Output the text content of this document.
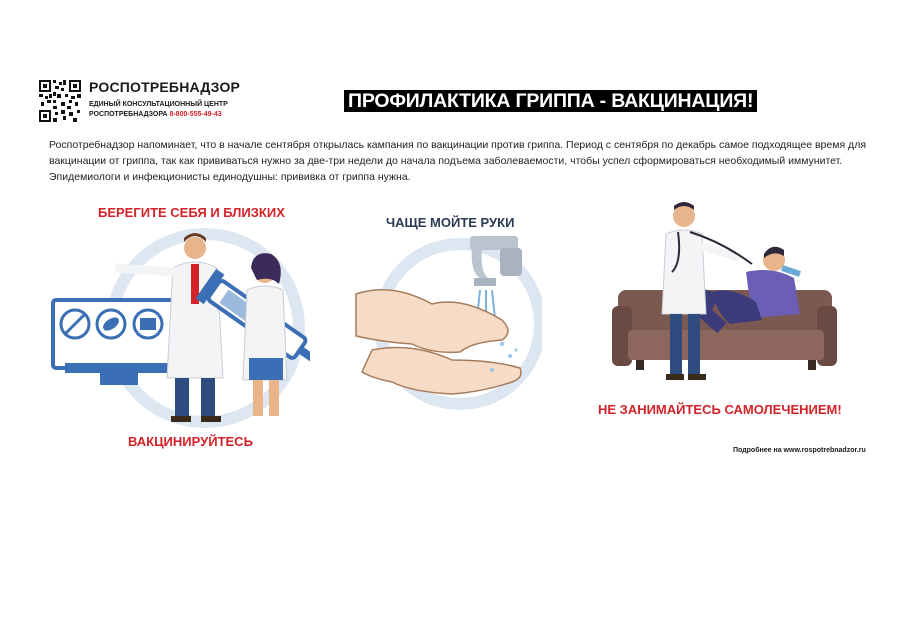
РОСПОТРЕБНАДЗОР
ЕДИНЫЙ КОНСУЛЬТАЦИОННЫЙ ЦЕНТР
РОСПОТРЕБНАДЗОРА 8-800-555-49-43
ПРОФИЛАКТИКА ГРИППА - ВАКЦИНАЦИЯ!
Роспотребнадзор напоминает, что в начале сентября открылась кампания по вакцинации против гриппа. Период с сентября по декабрь самое подходящее время для вакцинации от гриппа, так как прививаться нужно за две-три недели до начала подъема заболеваемости, чтобы успел сформироваться необходимый иммунитет. Эпидемиологи и инфекционисты единодушны: прививка от гриппа нужна.
БЕРЕГИТЕ СЕБЯ И БЛИЗКИХ
ВАКЦИНИРУЙТЕСЬ
ЧАЩЕ МОЙТЕ РУКИ
НЕ ЗАНИМАЙТЕСЬ САМОЛЕЧЕНИЕМ!
Подробнее на www.rospotrebnadzor.ru
